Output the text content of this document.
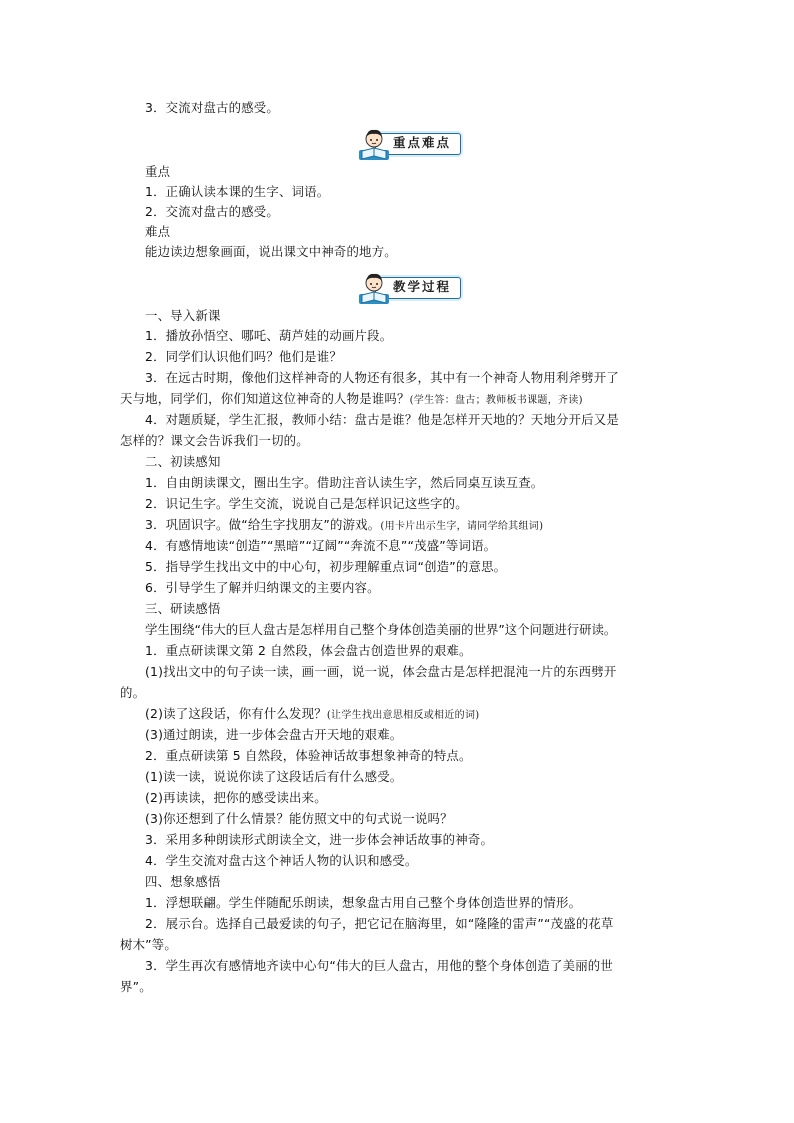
3．交流对盘古的感受。
重点难点
重点
1．正确认读本课的生字、词语。
2．交流对盘古的感受。
难点
能边读边想象画面，说出课文中神奇的地方。
教学过程
一、导入新课
1．播放孙悟空、哪吒、葫芦娃的动画片段。
2．同学们认识他们吗？他们是谁？
3．在远古时期，像他们这样神奇的人物还有很多，其中有一个神奇人物用利斧劈开了
天与地，同学们，你们知道这位神奇的人物是谁吗？(学生答：盘古；教师板书课题，齐读)
4．对题质疑，学生汇报，教师小结：盘古是谁？他是怎样开天地的？天地分开后又是
怎样的？课文会告诉我们一切的。
二、初读感知
1．自由朗读课文，圈出生字。借助注音认读生字，然后同桌互读互查。
2．识记生字。学生交流，说说自己是怎样识记这些字的。
3．巩固识字。做“给生字找朋友”的游戏。(用卡片出示生字，请同学给其组词)
4．有感情地读“创造”“黑暗”“辽阔”“奔流不息”“茂盛”等词语。
5．指导学生找出文中的中心句，初步理解重点词“创造”的意思。
6．引导学生了解并归纳课文的主要内容。
三、研读感悟
学生围绕“伟大的巨人盘古是怎样用自己整个身体创造美丽的世界”这个问题进行研读。
1．重点研读课文第 2 自然段，体会盘古创造世界的艰难。
(1)找出文中的句子读一读，画一画，说一说，体会盘古是怎样把混沌一片的东西劈开
的。
(2)读了这段话，你有什么发现？(让学生找出意思相反或相近的词)
(3)通过朗读，进一步体会盘古开天地的艰难。
2．重点研读第 5 自然段，体验神话故事想象神奇的特点。
(1)读一读，说说你读了这段话后有什么感受。
(2)再读读，把你的感受读出来。
(3)你还想到了什么情景？能仿照文中的句式说一说吗？
3．采用多种朗读形式朗读全文，进一步体会神话故事的神奇。
4．学生交流对盘古这个神话人物的认识和感受。
四、想象感悟
1．浮想联翩。学生伴随配乐朗读，想象盘古用自己整个身体创造世界的情形。
2．展示台。选择自己最爱读的句子，把它记在脑海里，如“隆隆的雷声”“茂盛的花草
树木”等。
3．学生再次有感情地齐读中心句“伟大的巨人盘古，用他的整个身体创造了美丽的世
界”。
